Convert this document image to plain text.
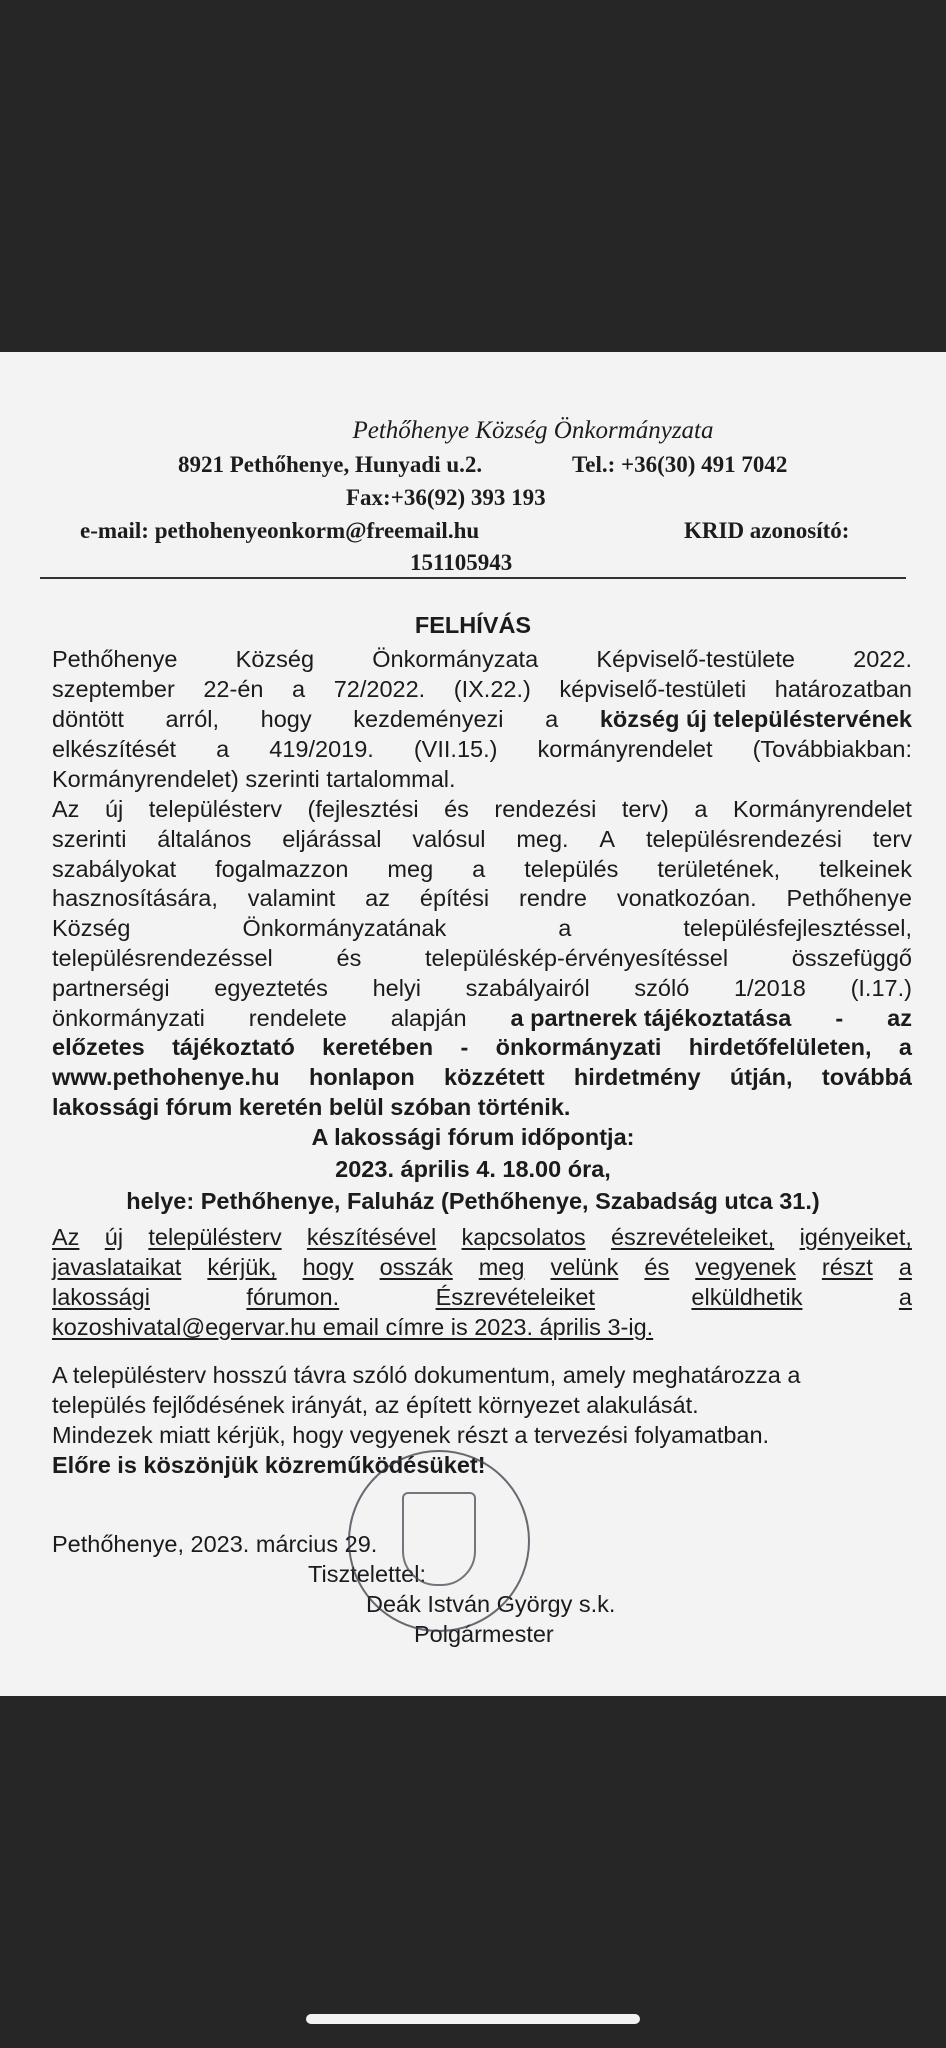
Pethőhenye Község Önkormányzata
8921 Pethőhenye, Hunyadi u.2.	Tel.: +36(30) 491 7042
Fax:+36(92) 393 193
e-mail: pethohenyeonkorm@freemail.hu	KRID azonosító:
151105943
FELHÍVÁS
Pethőhenye Község Önkormányzata Képviselő-testülete 2022.
szeptember 22-én a 72/2022. (IX.22.) képviselő-testületi határozatban
döntött arról, hogy kezdeményezi a község új településtervének
elkészítését a 419/2019. (VII.15.) kormányrendelet (Továbbiakban:
Kormányrendelet) szerinti tartalommal.
Az új településterv (fejlesztési és rendezési terv) a Kormányrendelet
szerinti általános eljárással valósul meg. A településrendezési terv
szabályokat fogalmazzon meg a település területének, telkeinek
hasznosítására, valamint az építési rendre vonatkozóan. Pethőhenye
Község	Önkormányzatának	a	településfejlesztéssel,
településrendezéssel	és	településkép-érvényesítéssel	összefüggő
partnerségi egyeztetés helyi szabályairól szóló 1/2018 (I.17.)
önkormányzati rendelete alapján a partnerek tájékoztatása - az
előzetes tájékoztató keretében - önkormányzati hirdetőfelületen, a
www.pethohenye.hu honlapon közzétett hirdetmény útján, továbbá
lakossági fórum keretén belül szóban történik.
A lakossági fórum időpontja:
2023. április 4. 18.00 óra,
helye: Pethőhenye, Faluház (Pethőhenye, Szabadság utca 31.)
Az új településterv készítésével kapcsolatos észrevételeiket, igényeiket,
javaslataikat kérjük, hogy osszák meg velünk és vegyenek részt a
lakossági	fórumon.	Észrevételeiket	elküldhetik	a
kozoshivatal@egervar.hu email címre is 2023. április 3-ig.
A településterv hosszú távra szóló dokumentum, amely meghatározza a
település fejlődésének irányát, az épített környezet alakulását.
Mindezek miatt kérjük, hogy vegyenek részt a tervezési folyamatban.
Előre is köszönjük közreműködésüket!
Pethőhenye, 2023. március 29.
Tisztelettel:
Deák István György s.k.
Polgármester
